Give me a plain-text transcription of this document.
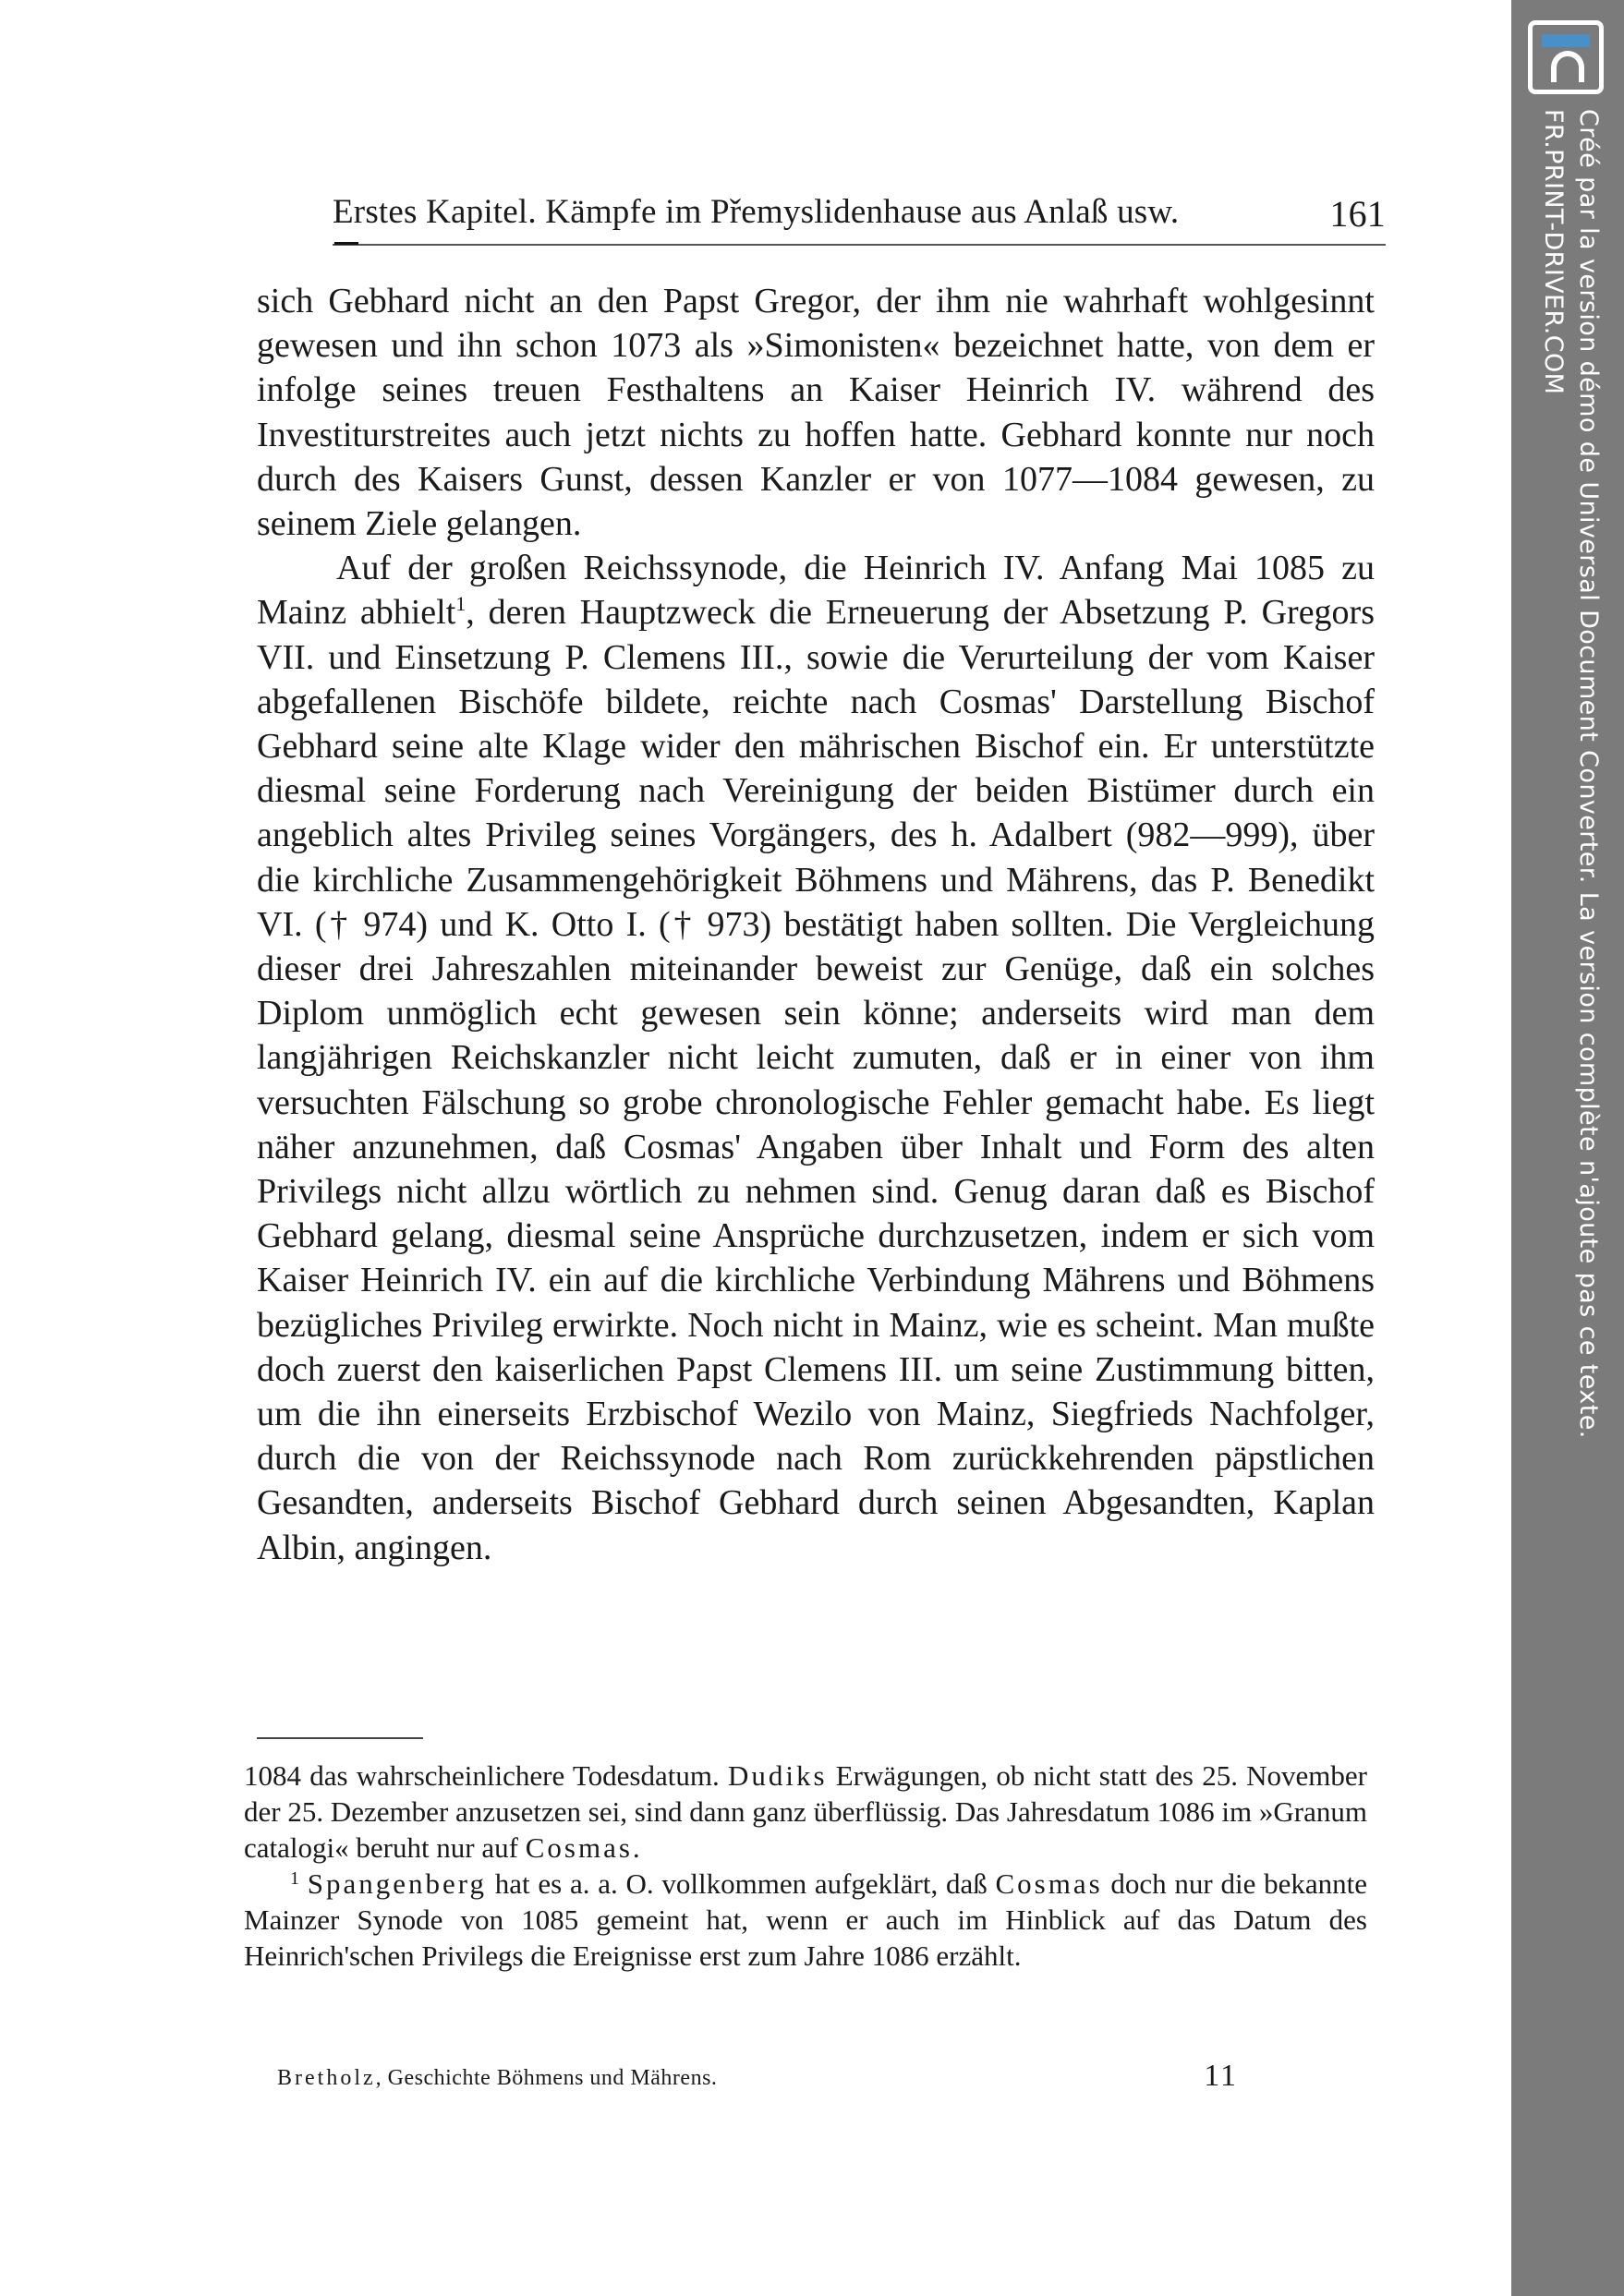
Erstes Kapitel. Kämpfe im Přemyslidenhause aus Anlaß usw.	161

sich Gebhard nicht an den Papst Gregor, der ihm nie wahrhaft wohlgesinnt gewesen und ihn schon 1073 als »Simonisten« bezeichnet hatte, von dem er infolge seines treuen Festhaltens an Kaiser Heinrich IV. während des Investiturstreites auch jetzt nichts zu hoffen hatte. Gebhard konnte nur noch durch des Kaisers Gunst, dessen Kanzler er von 1077—1084 gewesen, zu seinem Ziele gelangen.

Auf der großen Reichssynode, die Heinrich IV. Anfang Mai 1085 zu Mainz abhielt$^1$, deren Hauptzweck die Erneuerung der Absetzung P. Gregors VII. und Einsetzung P. Clemens III., sowie die Verurteilung der vom Kaiser abgefallenen Bischöfe bildete, reichte nach Cosmas' Darstellung Bischof Gebhard seine alte Klage wider den mährischen Bischof ein. Er unterstützte diesmal seine Forderung nach Vereinigung der beiden Bistümer durch ein angeblich altes Privileg seines Vorgängers, des h. Adalbert (982—999), über die kirchliche Zusammengehörigkeit Böhmens und Mährens, das P. Benedikt VI. († 974) und K. Otto I. († 973) bestätigt haben sollten. Die Vergleichung dieser drei Jahreszahlen miteinander beweist zur Genüge, daß ein solches Diplom unmöglich echt gewesen sein könne; anderseits wird man dem langjährigen Reichskanzler nicht leicht zumuten, daß er in einer von ihm versuchten Fälschung so grobe chronologische Fehler gemacht habe. Es liegt näher anzunehmen, daß Cosmas' Angaben über Inhalt und Form des alten Privilegs nicht allzu wörtlich zu nehmen sind. Genug daran daß es Bischof Gebhard gelang, diesmal seine Ansprüche durchzusetzen, indem er sich vom Kaiser Heinrich IV. ein auf die kirchliche Verbindung Mährens und Böhmens bezügliches Privileg erwirkte. Noch nicht in Mainz, wie es scheint. Man mußte doch zuerst den kaiserlichen Papst Clemens III. um seine Zustimmung bitten, um die ihn einerseits Erzbischof Wezilo von Mainz, Siegfrieds Nachfolger, durch die von der Reichssynode nach Rom zurückkehrenden päpstlichen Gesandten, anderseits Bischof Gebhard durch seinen Abgesandten, Kaplan Albin, angingen.

1084 das wahrscheinlichere Todesdatum. Dudiks Erwägungen, ob nicht statt des 25. November der 25. Dezember anzusetzen sei, sind dann ganz überflüssig. Das Jahresdatum 1086 im »Granum catalogi« beruht nur auf Cosmas.

$^1$ Spangenberg hat es a. a. O. vollkommen aufgeklärt, daß Cosmas doch nur die bekannte Mainzer Synode von 1085 gemeint hat, wenn er auch im Hinblick auf das Datum des Heinrich'schen Privilegs die Ereignisse erst zum Jahre 1086 erzählt.

Bretholz, Geschichte Böhmens und Mährens.	11
Créé par la version démo de Universal Document Converter. La version complète n'ajoute pas ce texte.
FR.PRINT-DRIVER.COM
